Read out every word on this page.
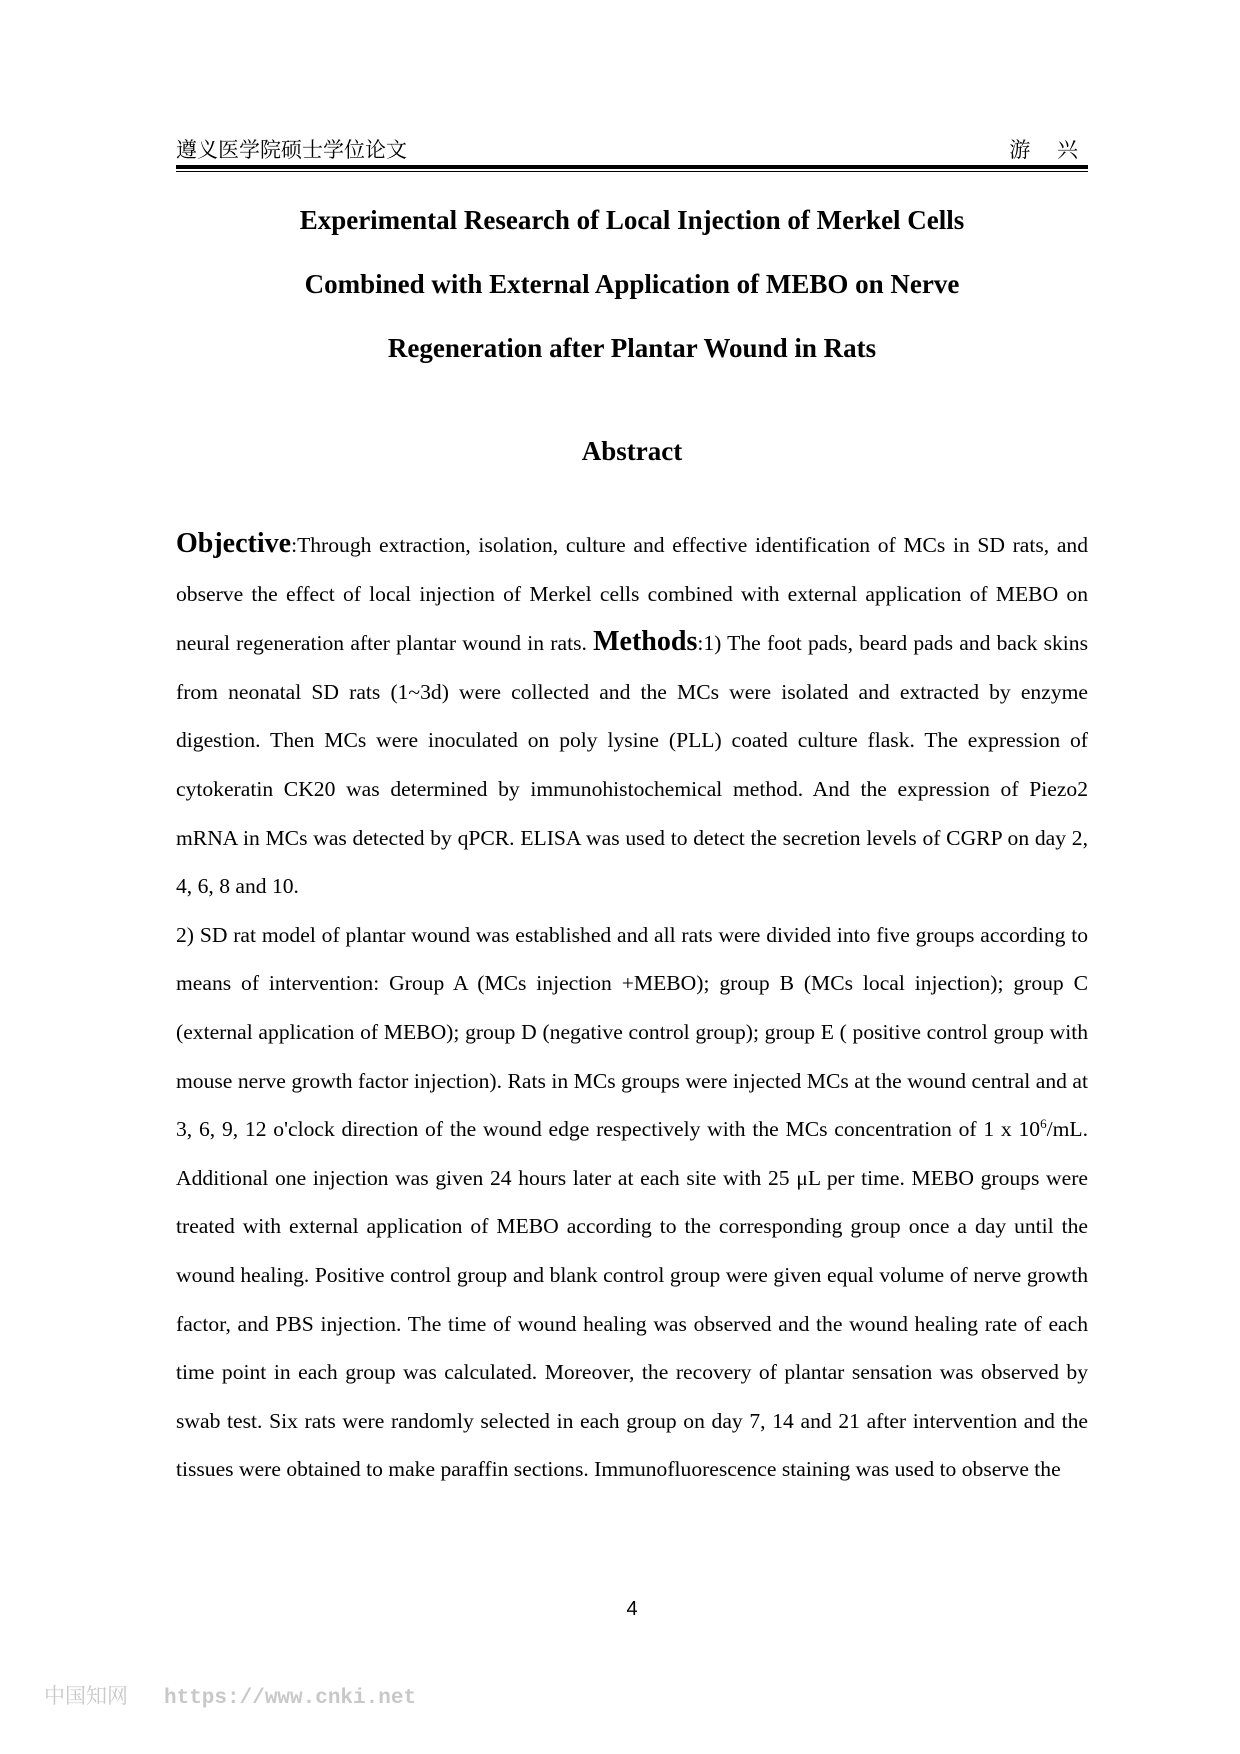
遵义医学院硕士学位论文	游 兴
Experimental Research of Local Injection of Merkel Cells
Combined with External Application of MEBO on Nerve
Regeneration after Plantar Wound in Rats
Abstract

Objective:Through extraction, isolation, culture and effective identification of MCs in SD rats, and observe the effect of local injection of Merkel cells combined with external application of MEBO on neural regeneration after plantar wound in rats. Methods:1) The foot pads, beard pads and back skins from neonatal SD rats (1~3d) were collected and the MCs were isolated and extracted by enzyme digestion. Then MCs were inoculated on poly lysine (PLL) coated culture flask. The expression of cytokeratin CK20 was determined by immunohistochemical method. And the expression of Piezo2 mRNA in MCs was detected by qPCR. ELISA was used to detect the secretion levels of CGRP on day 2, 4, 6, 8 and 10.

2) SD rat model of plantar wound was established and all rats were divided into five groups according to means of intervention: Group A (MCs injection +MEBO); group B (MCs local injection); group C (external application of MEBO); group D (negative control group); group E ( positive control group with mouse nerve growth factor injection). Rats in MCs groups were injected MCs at the wound central and at 3, 6, 9, 12 o'clock direction of the wound edge respectively with the MCs concentration of 1 x $10^6/mL$. Additional one injection was given 24 hours later at each site with 25 μL per time. MEBO groups were treated with external application of MEBO according to the corresponding group once a day until the wound healing. Positive control group and blank control group were given equal volume of nerve growth factor, and PBS injection. The time of wound healing was observed and the wound healing rate of each time point in each group was calculated. Moreover, the recovery of plantar sensation was observed by swab test. Six rats were randomly selected in each group on day 7, 14 and 21 after intervention and the tissues were obtained to make paraffin sections. Immunofluorescence staining was used to observe the

4
中国知网 https://www.cnki.net
